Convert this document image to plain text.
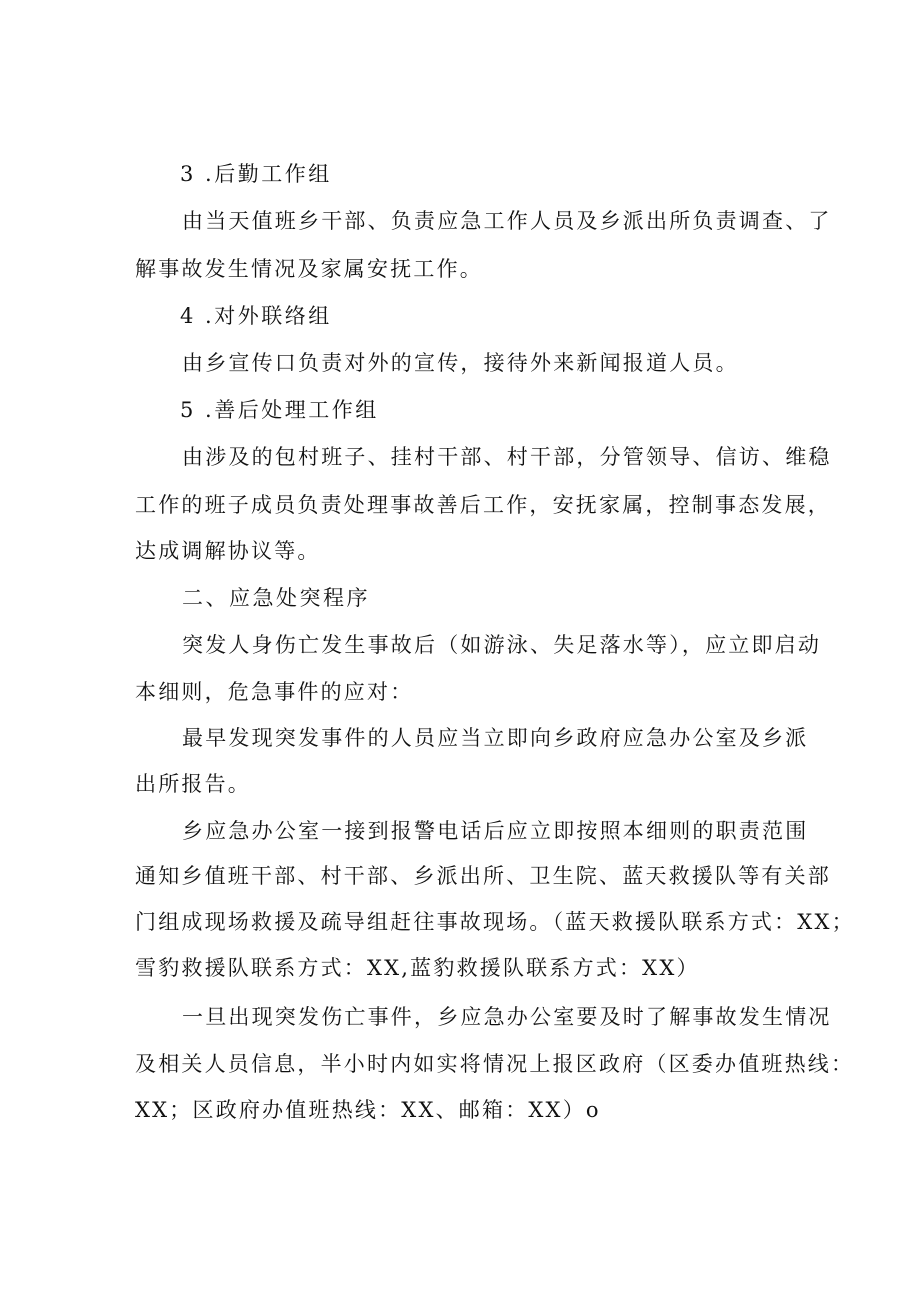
3 .后勤工作组
由当天值班乡干部、负责应急工作人员及乡派出所负责调查、了
解事故发生情况及家属安抚工作。
4 .对外联络组
由乡宣传口负责对外的宣传，接待外来新闻报道人员。
5 .善后处理工作组
由涉及的包村班子、挂村干部、村干部，分管领导、信访、维稳
工作的班子成员负责处理事故善后工作，安抚家属，控制事态发展，
达成调解协议等。
二、应急处突程序
突发人身伤亡发生事故后（如游泳、失足落水等），应立即启动
本细则，危急事件的应对：
最早发现突发事件的人员应当立即向乡政府应急办公室及乡派
出所报告。
乡应急办公室一接到报警电话后应立即按照本细则的职责范围
通知乡值班干部、村干部、乡派出所、卫生院、蓝天救援队等有关部
门组成现场救援及疏导组赶往事故现场。（蓝天救援队联系方式：XX；
雪豹救援队联系方式：XX,蓝豹救援队联系方式：XX）
一旦出现突发伤亡事件，乡应急办公室要及时了解事故发生情况
及相关人员信息，半小时内如实将情况上报区政府（区委办值班热线：
XX；区政府办值班热线：XX、邮箱：XX）o
